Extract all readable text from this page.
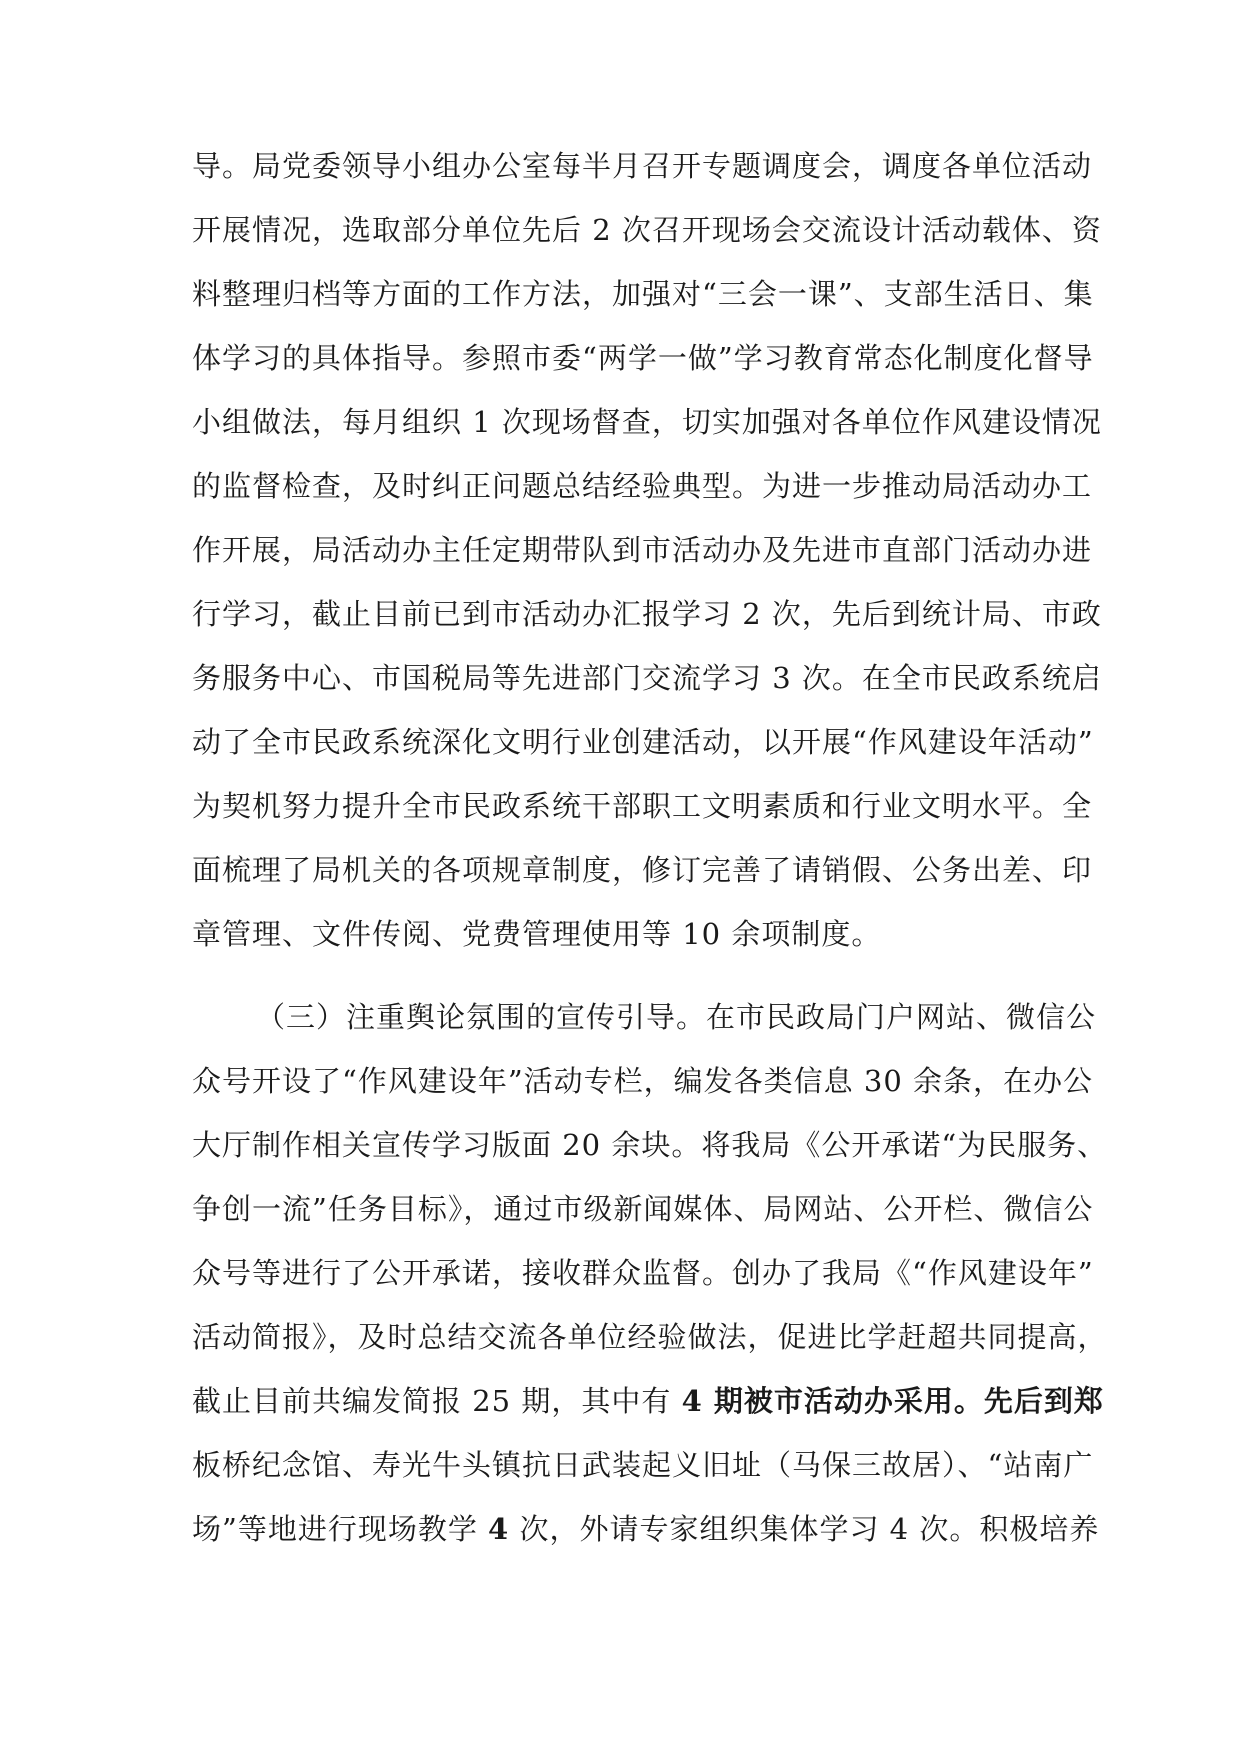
导。局党委领导小组办公室每半月召开专题调度会，调度各单位活动
开展情况，选取部分单位先后 2 次召开现场会交流设计活动载体、资
料整理归档等方面的工作方法，加强对“三会一课”、支部生活日、集
体学习的具体指导。参照市委“两学一做”学习教育常态化制度化督导
小组做法，每月组织 1 次现场督查，切实加强对各单位作风建设情况
的监督检查，及时纠正问题总结经验典型。为进一步推动局活动办工
作开展，局活动办主任定期带队到市活动办及先进市直部门活动办进
行学习，截止目前已到市活动办汇报学习 2 次，先后到统计局、市政
务服务中心、市国税局等先进部门交流学习 3 次。在全市民政系统启
动了全市民政系统深化文明行业创建活动，以开展“作风建设年活动”
为契机努力提升全市民政系统干部职工文明素质和行业文明水平。全
面梳理了局机关的各项规章制度，修订完善了请销假、公务出差、印
章管理、文件传阅、党费管理使用等 10 余项制度。
（三）注重舆论氛围的宣传引导。在市民政局门户网站、微信公
众号开设了“作风建设年”活动专栏，编发各类信息 30 余条，在办公
大厅制作相关宣传学习版面 20 余块。将我局《公开承诺“为民服务、
争创一流”任务目标》，通过市级新闻媒体、局网站、公开栏、微信公
众号等进行了公开承诺，接收群众监督。创办了我局《“作风建设年”
活动简报》，及时总结交流各单位经验做法，促进比学赶超共同提高，
截止目前共编发简报 25 期，其中有 4 期被市活动办采用。先后到郑
板桥纪念馆、寿光牛头镇抗日武装起义旧址（马保三故居）、“站南广
场”等地进行现场教学 4 次，外请专家组织集体学习 4 次。积极培养
